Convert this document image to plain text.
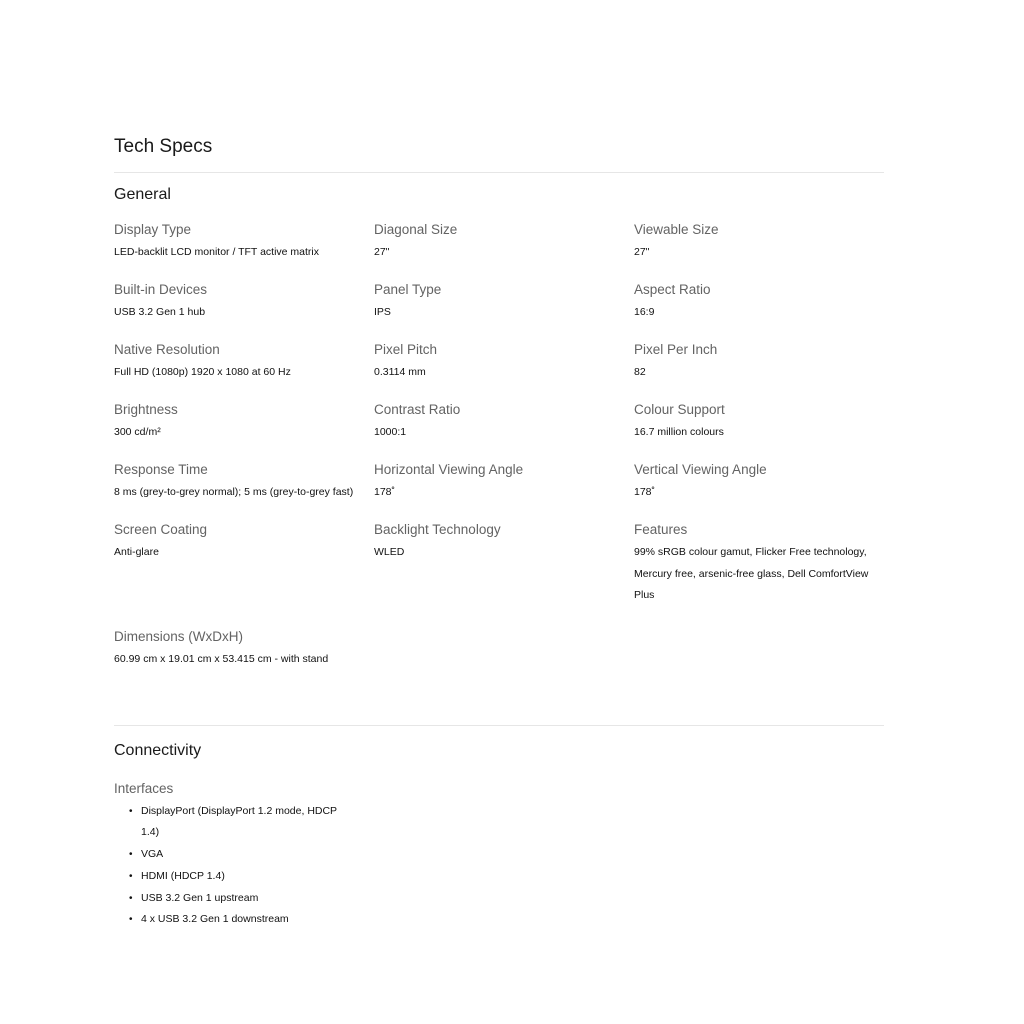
Tech Specs
General

Display Type

LED-backlit LCD monitor / TFT active matrix

Diagonal Size

27"

Viewable Size

27"

Built-in Devices

USB 3.2 Gen 1 hub

Panel Type

IPS

Aspect Ratio

16:9

Native Resolution

Full HD (1080p) 1920 x 1080 at 60 Hz

Pixel Pitch

0.3114 mm

Pixel Per Inch

82

Brightness

300 cd/m²

Contrast Ratio

1000:1

Colour Support

16.7 million colours

Response Time

8 ms (grey-to-grey normal); 5 ms (grey-to-grey fast)

Horizontal Viewing Angle

178˚

Vertical Viewing Angle

178˚

Screen Coating

Anti-glare

Backlight Technology

WLED

Features

99% sRGB colour gamut, Flicker Free technology, Mercury free, arsenic-free glass, Dell ComfortView Plus

Dimensions (WxDxH)

60.99 cm x 19.01 cm x 53.415 cm - with stand

Connectivity

Interfaces

• DisplayPort (DisplayPort 1.2 mode, HDCP 1.4)
• VGA
• HDMI (HDCP 1.4)
• USB 3.2 Gen 1 upstream
• 4 x USB 3.2 Gen 1 downstream
